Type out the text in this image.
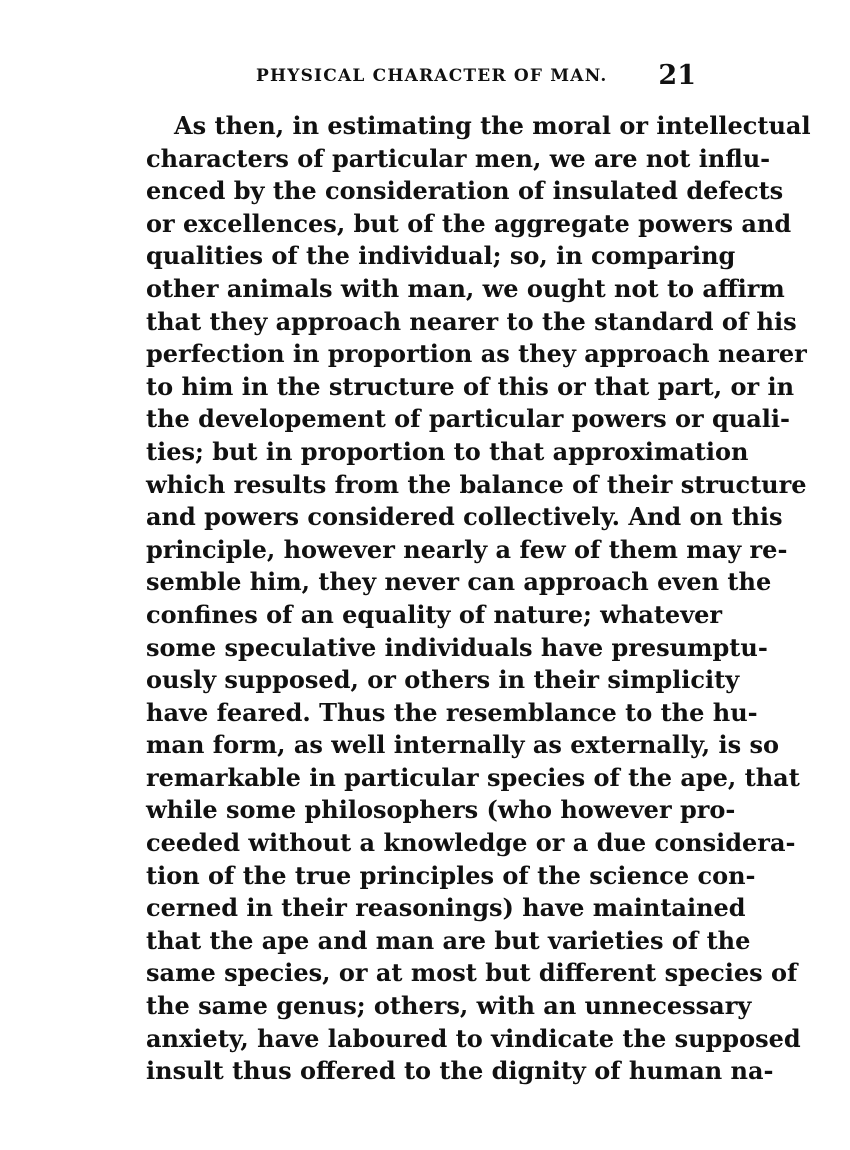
PHYSICAL CHARACTER OF MAN. 21
As then, in estimating the moral or intellectual
characters of particular men, we are not influ-
enced by the consideration of insulated defects
or excellences, but of the aggregate powers and
qualities of the individual; so, in comparing
other animals with man, we ought not to affirm
that they approach nearer to the standard of his
perfection in proportion as they approach nearer
to him in the structure of this or that part, or in
the developement of particular powers or quali-
ties; but in proportion to that approximation
which results from the balance of their structure
and powers considered collectively. And on this
principle, however nearly a few of them may re-
semble him, they never can approach even the
confines of an equality of nature; whatever
some speculative individuals have presumptu-
ously supposed, or others in their simplicity
have feared. Thus the resemblance to the hu-
man form, as well internally as externally, is so
remarkable in particular species of the ape, that
while some philosophers (who however pro-
ceeded without a knowledge or a due considera-
tion of the true principles of the science con-
cerned in their reasonings) have maintained
that the ape and man are but varieties of the
same species, or at most but different species of
the same genus; others, with an unnecessary
anxiety, have laboured to vindicate the supposed
insult thus offered to the dignity of human na-
